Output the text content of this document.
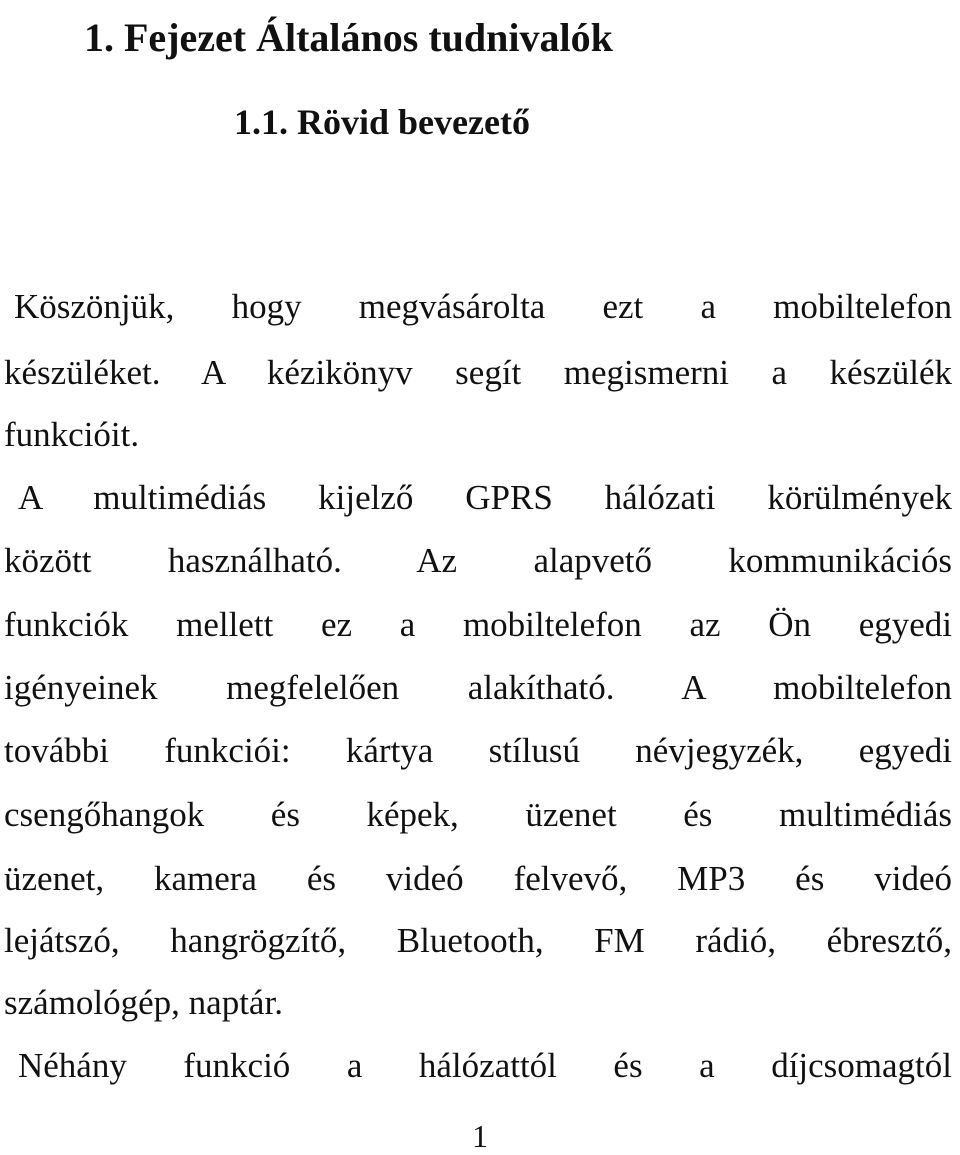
1. Fejezet Általános tudnivalók
1.1. Rövid bevezető

Köszönjük, hogy megvásárolta ezt a mobiltelefon

készüléket. A kézikönyv segít megismerni a készülék

funkcióit.

A multimédiás kijelző GPRS hálózati körülmények

között használható. Az alapvető kommunikációs

funkciók mellett ez a mobiltelefon az Ön egyedi

igényeinek megfelelően alakítható. A mobiltelefon

további funkciói: kártya stílusú névjegyzék, egyedi

csengőhangok és képek, üzenet és multimédiás

üzenet, kamera és videó felvevő, MP3 és videó

lejátszó, hangrögzítő, Bluetooth, FM rádió, ébresztő,

számológép, naptár.

Néhány funkció a hálózattól és a díjcsomagtól

1
